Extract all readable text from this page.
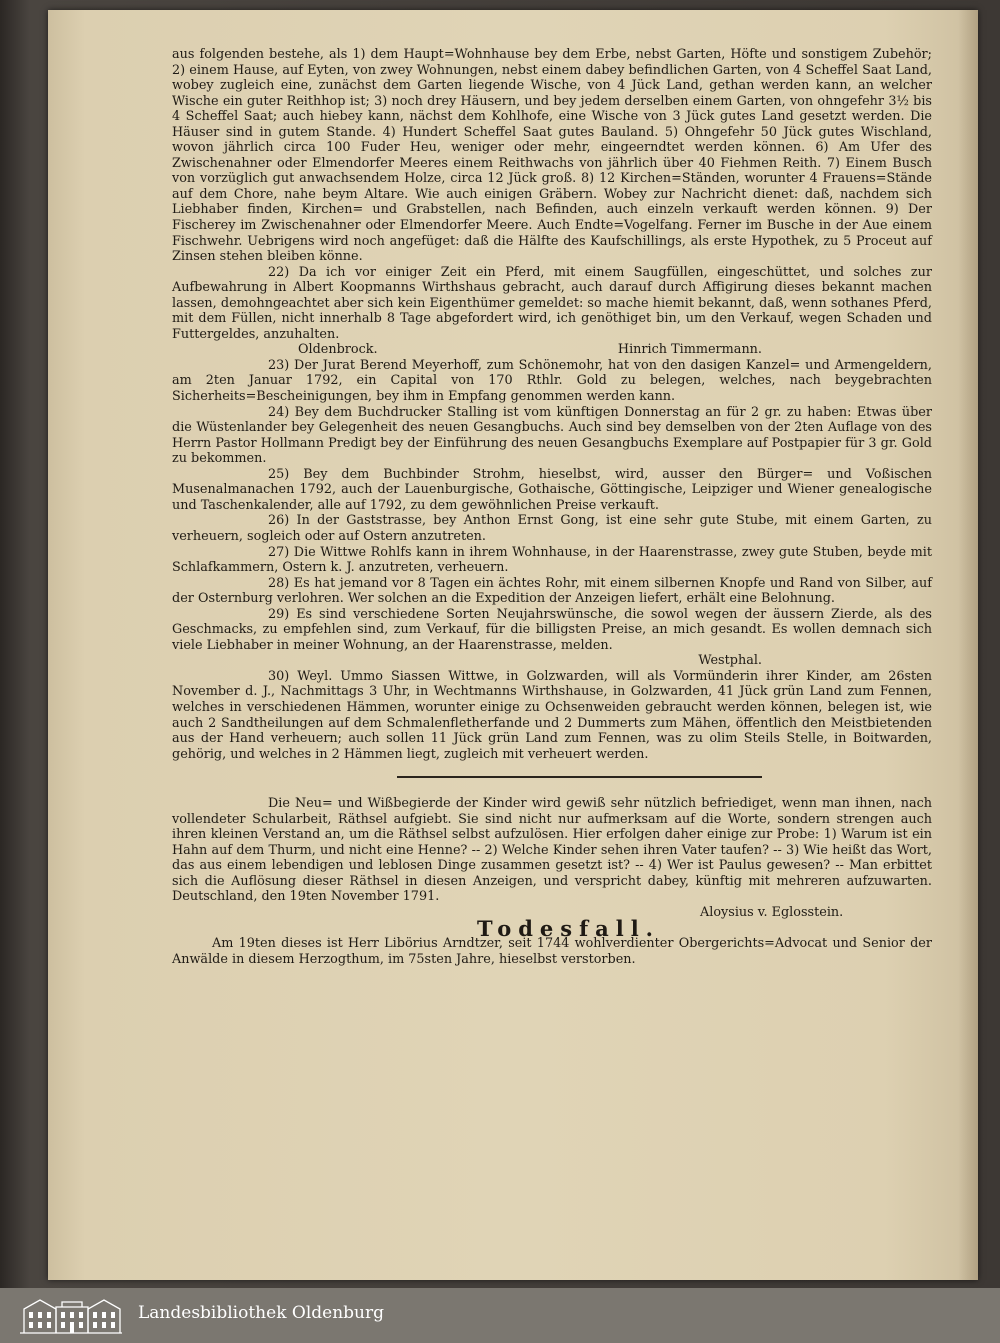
aus folgenden bestehe, als 1) dem Haupt=Wohnhause bey dem Erbe, nebst Garten, Höfte und sonstigem Zubehör; 2) einem Hause, auf Eyten, von zwey Wohnungen, nebst einem dabey befindlichen Garten, von 4 Scheffel Saat Land, wobey zugleich eine, zunächst dem Garten liegende Wische, von 4 Jück Land, gethan werden kann, an welcher Wische ein guter Reithhop ist; 3) noch drey Häusern, und bey jedem derselben einem Garten, von ohngefehr 3½ bis 4 Scheffel Saat; auch hiebey kann, nächst dem Kohlhofe, eine Wische von 3 Jück gutes Land gesetzt werden. Die Häuser sind in gutem Stande. 4) Hundert Scheffel Saat gutes Bauland. 5) Ohngefehr 50 Jück gutes Wischland, wovon jährlich circa 100 Fuder Heu, weniger oder mehr, eingeerndtet werden können. 6) Am Ufer des Zwischenahner oder Elmendorfer Meeres einem Reithwachs von jährlich über 40 Fiehmen Reith. 7) Einem Busch von vorzüglich gut anwachsendem Holze, circa 12 Jück groß. 8) 12 Kirchen=Ständen, worunter 4 Frauens=Stände auf dem Chore, nahe beym Altare. Wie auch einigen Gräbern. Wobey zur Nachricht dienet: daß, nachdem sich Liebhaber finden, Kirchen= und Grabstellen, nach Befinden, auch einzeln verkauft werden können. 9) Der Fischerey im Zwischenahner oder Elmendorfer Meere. Auch Endte=Vogelfang. Ferner im Busche in der Aue einem Fischwehr. Uebrigens wird noch angefüget: daß die Hälfte des Kaufschillings, als erste Hypothek, zu 5 Proceut auf Zinsen stehen bleiben könne.

22) Da ich vor einiger Zeit ein Pferd, mit einem Saugfüllen, eingeschüttet, und solches zur Aufbewahrung in Albert Koopmanns Wirthshaus gebracht, auch darauf durch Affigirung dieses bekannt machen lassen, demohngeachtet aber sich kein Eigenthümer gemeldet: so mache hiemit bekannt, daß, wenn sothanes Pferd, mit dem Füllen, nicht innerhalb 8 Tage abgefordert wird, ich genöthiget bin, um den Verkauf, wegen Schaden und Futtergeldes, anzuhalten.

Oldenbrock.	Hinrich Timmermann.

23) Der Jurat Berend Meyerhoff, zum Schönemohr, hat von den dasigen Kanzel= und Armengeldern, am 2ten Januar 1792, ein Capital von 170 Rthlr. Gold zu belegen, welches, nach beygebrachten Sicherheits=Bescheinigungen, bey ihm in Empfang genommen werden kann.

24) Bey dem Buchdrucker Stalling ist vom künftigen Donnerstag an für 2 gr. zu haben: Etwas über die Wüstenlander bey Gelegenheit des neuen Gesangbuchs. Auch sind bey demselben von der 2ten Auflage von des Herrn Pastor Hollmann Predigt bey der Einführung des neuen Gesangbuchs Exemplare auf Postpapier für 3 gr. Gold zu bekommen.

25) Bey dem Buchbinder Strohm, hieselbst, wird, ausser den Bürger= und Voßischen Musenalmanachen 1792, auch der Lauenburgische, Gothaische, Göttingische, Leipziger und Wiener genealogische und Taschenkalender, alle auf 1792, zu dem gewöhnlichen Preise verkauft.

26) In der Gaststrasse, bey Anthon Ernst Gong, ist eine sehr gute Stube, mit einem Garten, zu verheuern, sogleich oder auf Ostern anzutreten.

27) Die Wittwe Rohlfs kann in ihrem Wohnhause, in der Haarenstrasse, zwey gute Stuben, beyde mit Schlafkammern, Ostern k. J. anzutreten, verheuern.

28) Es hat jemand vor 8 Tagen ein ächtes Rohr, mit einem silbernen Knopfe und Rand von Silber, auf der Osternburg verlohren. Wer solchen an die Expedition der Anzeigen liefert, erhält eine Belohnung.

29) Es sind verschiedene Sorten Neujahrswünsche, die sowol wegen der äussern Zierde, als des Geschmacks, zu empfehlen sind, zum Verkauf, für die billigsten Preise, an mich gesandt. Es wollen demnach sich viele Liebhaber in meiner Wohnung, an der Haarenstrasse, melden.

Westphal.

30) Weyl. Ummo Siassen Wittwe, in Golzwarden, will als Vormünderin ihrer Kinder, am 26sten November d. J., Nachmittags 3 Uhr, in Wechtmanns Wirthshause, in Golzwarden, 41 Jück grün Land zum Fennen, welches in verschiedenen Hämmen, worunter einige zu Ochsenweiden gebraucht werden können, belegen ist, wie auch 2 Sandtheilungen auf dem Schmalenfletherfande und 2 Dummerts zum Mähen, öffentlich den Meistbietenden aus der Hand verheuern; auch sollen 11 Jück grün Land zum Fennen, was zu olim Steils Stelle, in Boitwarden, gehörig, und welches in 2 Hämmen liegt, zugleich mit verheuert werden.

Die Neu= und Wißbegierde der Kinder wird gewiß sehr nützlich befriediget, wenn man ihnen, nach vollendeter Schularbeit, Räthsel aufgiebt. Sie sind nicht nur aufmerksam auf die Worte, sondern strengen auch ihren kleinen Verstand an, um die Räthsel selbst aufzulösen. Hier erfolgen daher einige zur Probe: 1) Warum ist ein Hahn auf dem Thurm, und nicht eine Henne? -- 2) Welche Kinder sehen ihren Vater taufen? -- 3) Wie heißt das Wort, das aus einem lebendigen und leblosen Dinge zusammen gesetzt ist? -- 4) Wer ist Paulus gewesen? -- Man erbittet sich die Auflösung dieser Räthsel in diesen Anzeigen, und verspricht dabey, künftig mit mehreren aufzuwarten. Deutschland, den 19ten November 1791.

Aloysius v. Eglosstein.

Todesfall.

Am 19ten dieses ist Herr Libörius Arndtzer, seit 1744 wohlverdienter Obergerichts=Advocat und Senior der Anwälde in diesem Herzogthum, im 75sten Jahre, hieselbst verstorben.

Landesbibliothek Oldenburg
